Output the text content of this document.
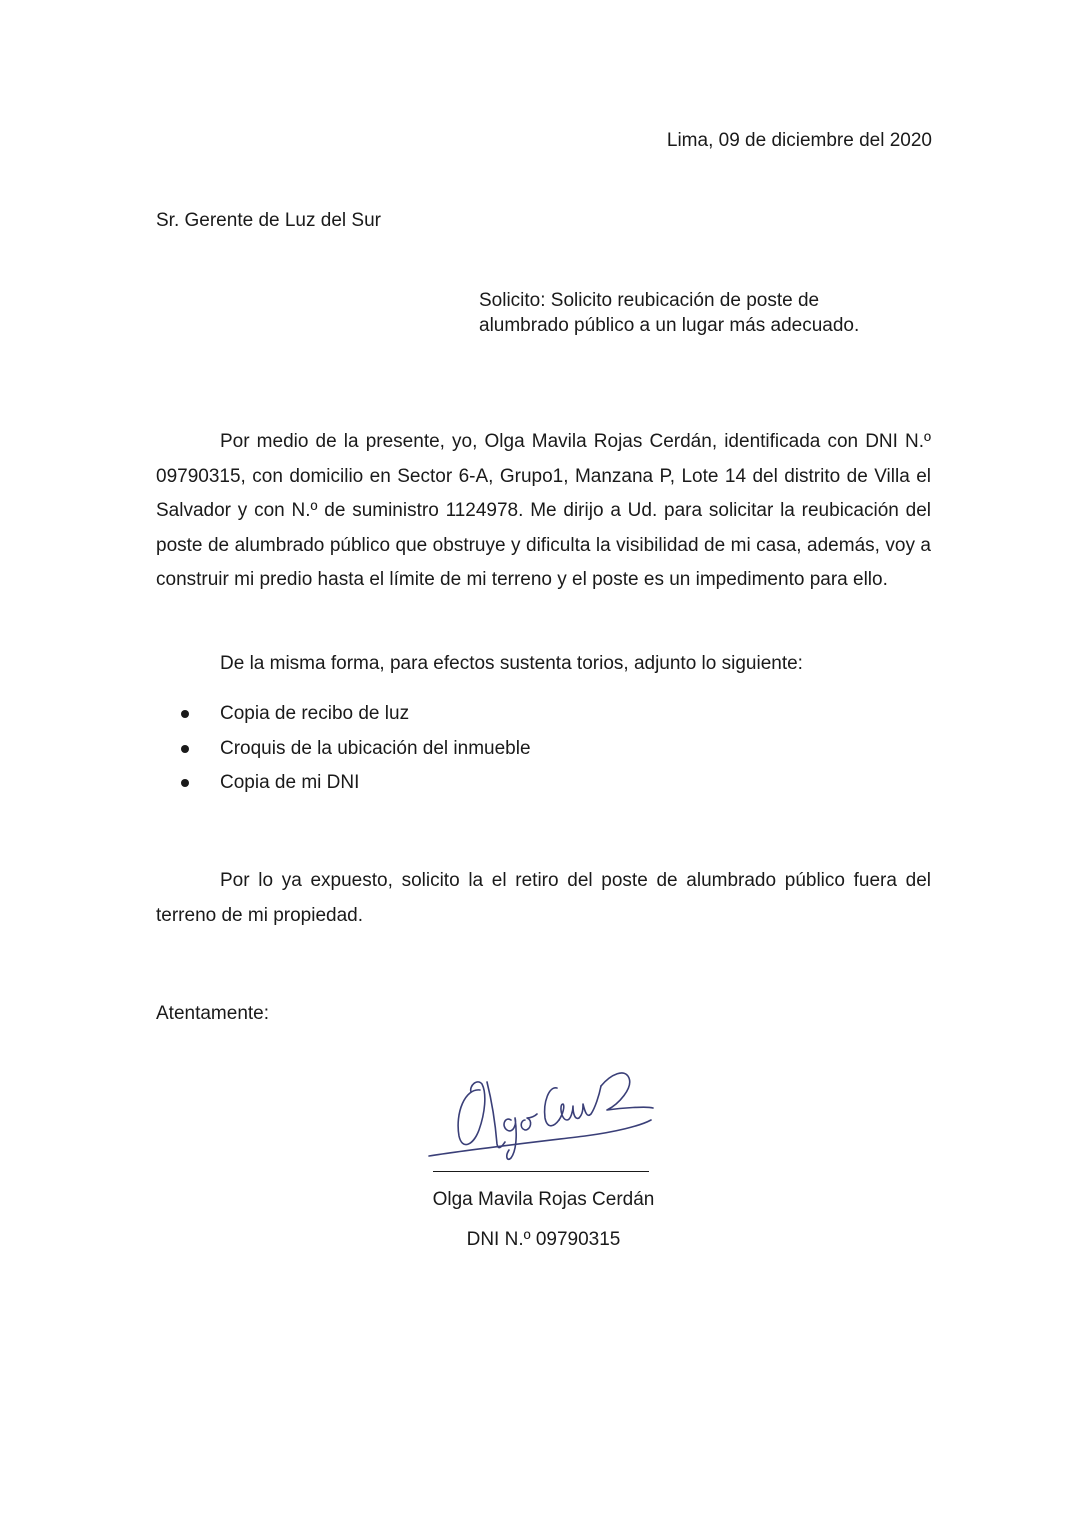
Lima, 09 de diciembre del 2020
Sr. Gerente de Luz del Sur
Solicito: Solicito reubicación de poste de
alumbrado público a un lugar más adecuado.

Por medio de la presente, yo, Olga Mavila Rojas Cerdán, identificada con DNI N.º 09790315, con domicilio en Sector 6-A, Grupo1, Manzana P, Lote 14 del distrito de Villa el Salvador y con N.º de suministro 1124978. Me dirijo a Ud. para solicitar la reubicación del poste de alumbrado público que obstruye y dificulta la visibilidad de mi casa, además, voy a construir mi predio hasta el límite de mi terreno y el poste es un impedimento para ello.

De la misma forma, para efectos sustenta torios, adjunto lo siguiente:

Copia de recibo de luz
Croquis de la ubicación del inmueble
Copia de mi DNI

Por lo ya expuesto, solicito la el retiro del poste de alumbrado público fuera del terreno de mi propiedad.

Atentamente:
Olga Mavila Rojas Cerdán
DNI N.º 09790315
